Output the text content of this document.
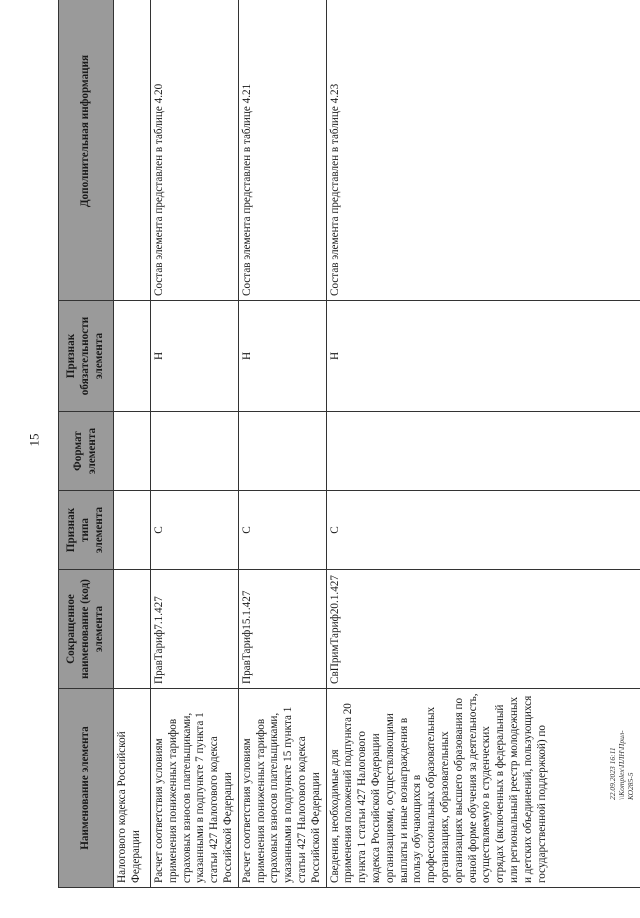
15
Наименование элемента	Сокращенное наименование (код) элемента	Признак типа элемента	Формат элемента	Признак обязательности элемента	Дополнительная информация
Налогового кодекса Российской Федерации					
Расчет соответствия условиям применения пониженных тарифов страховых взносов плательщиками, указанными в подпункте 7 пункта 1 статьи 427 Налогового кодекса Российской Федерации	ПравТариф7.1.427	С		Н	Состав элемента представлен в таблице 4.20
Расчет соответствия условиям применения пониженных тарифов страховых взносов плательщиками, указанными в подпункте 15 пункта 1 статьи 427 Налогового кодекса Российской Федерации	ПравТариф15.1.427	С		Н	Состав элемента представлен в таблице 4.21
Сведения, необходимые для применения положений подпункта 20 пункта 1 статьи 427 Налогового кодекса Российской Федерации организациями, осуществляющими выплаты и иные вознаграждения в пользу обучающихся в профессиональных образовательных организациях, образовательных организациях высшего образования по очной форме обучения за деятельность, осуществляемую в студенческих отрядах (включенных в федеральный или региональный реестр молодежных и детских объединений, пользующихся государственной поддержкой) по	СвПримТариф20.1.427	С		Н	Состав элемента представлен в таблице 4.23
22.09.2023 16:11 \\Komplex\ПЛН\Прил-КО285-5
